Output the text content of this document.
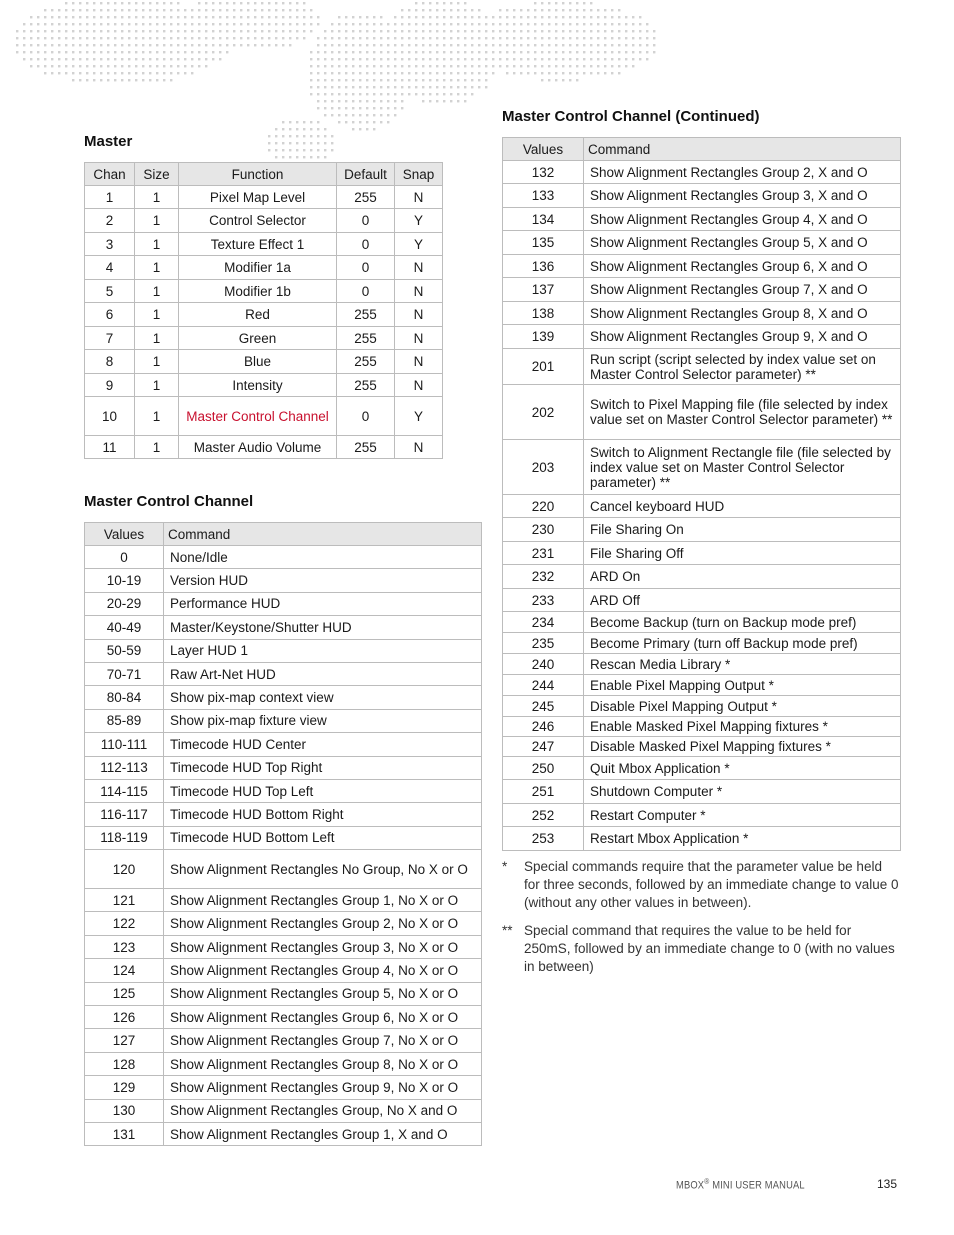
Master
Chan	Size	Function	Default	Snap
1	1	Pixel Map Level	255	N
2	1	Control Selector	0	Y
3	1	Texture Effect 1	0	Y
4	1	Modifier 1a	0	N
5	1	Modifier 1b	0	N
6	1	Red	255	N
7	1	Green	255	N
8	1	Blue	255	N
9	1	Intensity	255	N
10	1	Master Control Channel	0	Y
11	1	Master Audio Volume	255	N
Master Control Channel
Values	Command
0	None/Idle
10-19	Version HUD
20-29	Performance HUD
40-49	Master/Keystone/Shutter HUD
50-59	Layer HUD 1
70-71	Raw Art-Net HUD
80-84	Show pix-map context view
85-89	Show pix-map fixture view
110-111	Timecode HUD Center
112-113	Timecode HUD Top Right
114-115	Timecode HUD Top Left
116-117	Timecode HUD Bottom Right
118-119	Timecode HUD Bottom Left
120	Show Alignment Rectangles No Group, No X or O
121	Show Alignment Rectangles Group 1, No X or O
122	Show Alignment Rectangles Group 2, No X or O
123	Show Alignment Rectangles Group 3, No X or O
124	Show Alignment Rectangles Group 4, No X or O
125	Show Alignment Rectangles Group 5, No X or O
126	Show Alignment Rectangles Group 6, No X or O
127	Show Alignment Rectangles Group 7, No X or O
128	Show Alignment Rectangles Group 8, No X or O
129	Show Alignment Rectangles Group 9, No X or O
130	Show Alignment Rectangles Group, No X and O
131	Show Alignment Rectangles Group 1, X and O
Master Control Channel (Continued)
Values	Command
132	Show Alignment Rectangles Group 2, X and O
133	Show Alignment Rectangles Group 3, X and O
134	Show Alignment Rectangles Group 4, X and O
135	Show Alignment Rectangles Group 5, X and O
136	Show Alignment Rectangles Group 6, X and O
137	Show Alignment Rectangles Group 7, X and O
138	Show Alignment Rectangles Group 8, X and O
139	Show Alignment Rectangles Group 9, X and O
201	Run script (script selected by index value set on Master Control Selector parameter) **
202	Switch to Pixel Mapping file (file selected by index value set on Master Control Selector parameter) **
203	Switch to Alignment Rectangle file (file selected by index value set on Master Control Selector parameter) **
220	Cancel keyboard HUD
230	File Sharing On
231	File Sharing Off
232	ARD On
233	ARD Off
234	Become Backup (turn on Backup mode pref)
235	Become Primary (turn off Backup mode pref)
240	Rescan Media Library *
244	Enable Pixel Mapping Output *
245	Disable Pixel Mapping Output *
246	Enable Masked Pixel Mapping fixtures *
247	Disable Masked Pixel Mapping fixtures *
250	Quit Mbox Application *
251	Shutdown Computer *
252	Restart Computer *
253	Restart Mbox Application *
*	Special commands require that the parameter value be held for three seconds, followed by an immediate change to value 0 (without any other values in between).
** Special command that requires the value to be held for 250mS, followed by an immediate change to 0 (with no values in between)
MBOX® MINI USER MANUAL	135
